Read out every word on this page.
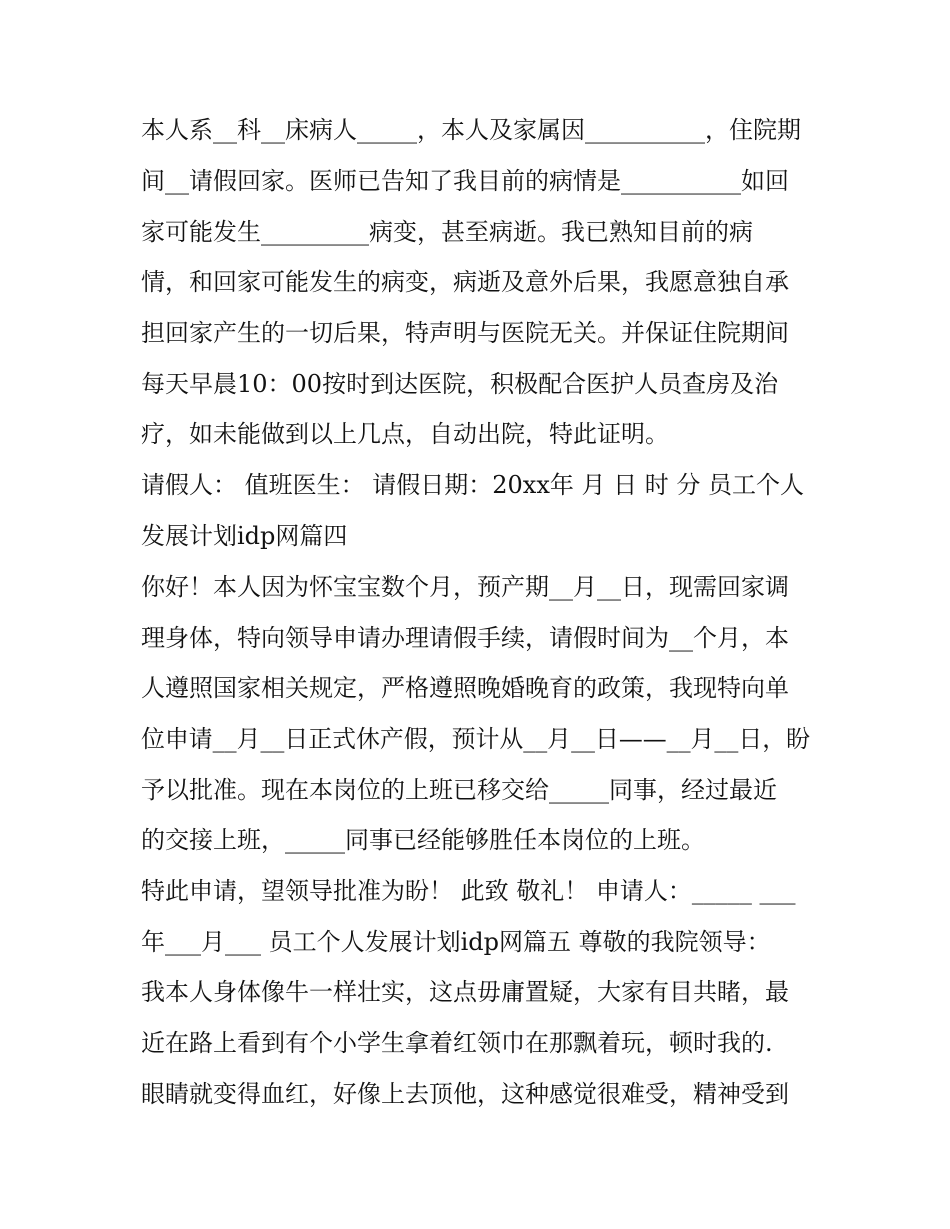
本人系__科__床病人_____，本人及家属因__________，住院期
间__请假回家。医师已告知了我目前的病情是__________如回
家可能发生_________病变，甚至病逝。我已熟知目前的病
情，和回家可能发生的病变，病逝及意外后果，我愿意独自承
担回家产生的一切后果，特声明与医院无关。并保证住院期间
每天早晨10：00按时到达医院，积极配合医护人员查房及治
疗，如未能做到以上几点，自动出院，特此证明。
请假人： 值班医生： 请假日期：20xx年 月 日 时 分 员工个人
发展计划idp网篇四
你好！本人因为怀宝宝数个月，预产期__月__日，现需回家调
理身体，特向领导申请办理请假手续，请假时间为__个月，本
人遵照国家相关规定，严格遵照晚婚晚育的政策，我现特向单
位申请__月__日正式休产假，预计从__月__日——__月__日，盼
予以批准。现在本岗位的上班已移交给_____同事，经过最近
的交接上班，_____同事已经能够胜任本岗位的上班。
特此申请，望领导批准为盼！ 此致 敬礼！ 申请人：_____ ___
年___月___ 员工个人发展计划idp网篇五 尊敬的我院领导：
我本人身体像牛一样壮实，这点毋庸置疑，大家有目共睹，最
近在路上看到有个小学生拿着红领巾在那飘着玩，顿时我的.
眼睛就变得血红，好像上去顶他，这种感觉很难受，精神受到
